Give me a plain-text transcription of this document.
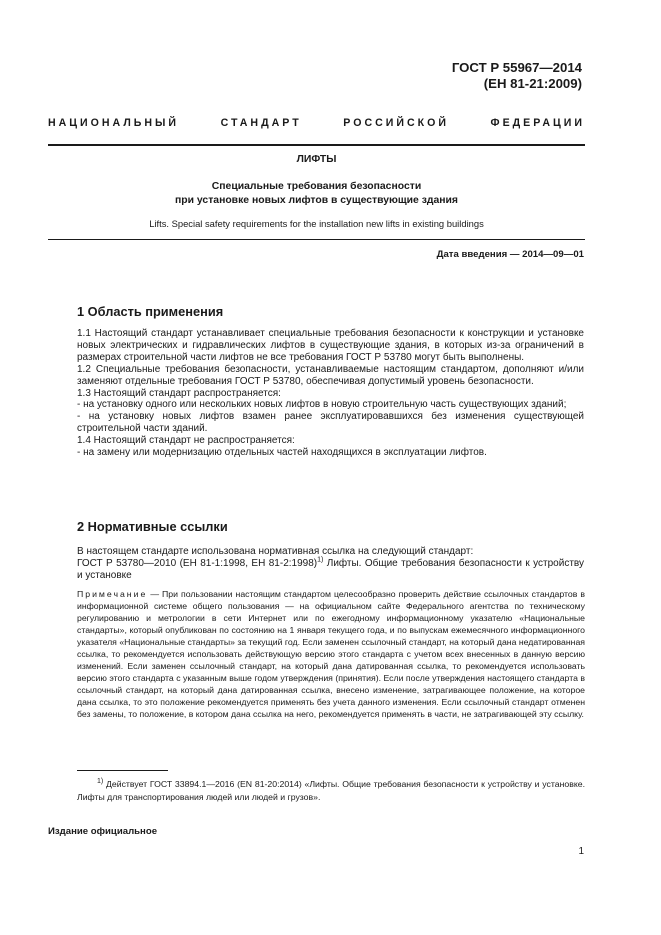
ГОСТ Р 55967—2014
(ЕН 81-21:2009)
НАЦИОНАЛЬНЫЙ СТАНДАРТ РОССИЙСКОЙ ФЕДЕРАЦИИ
ЛИФТЫ
Специальные требования безопасности
при установке новых лифтов в существующие здания
Lifts. Special safety requirements for the installation new lifts in existing buildings
Дата введения — 2014—09—01
1 Область применения

1.1 Настоящий стандарт устанавливает специальные требования безопасности к конструкции и установке новых электрических и гидравлических лифтов в существующие здания, в которых из-за ограничений в размерах строительной части лифтов не все требования ГОСТ Р 53780 могут быть выполнены.

1.2 Специальные требования безопасности, устанавливаемые настоящим стандартом, дополняют и/или заменяют отдельные требования ГОСТ Р 53780, обеспечивая допустимый уровень безопасности.

1.3 Настоящий стандарт распространяется:

- на установку одного или нескольких новых лифтов в новую строительную часть существующих зданий;

- на установку новых лифтов взамен ранее эксплуатировавшихся без изменения существующей строительной части зданий.

1.4 Настоящий стандарт не распространяется:

- на замену или модернизацию отдельных частей находящихся в эксплуатации лифтов.

2 Нормативные ссылки

В настоящем стандарте использована нормативная ссылка на следующий стандарт:

ГОСТ Р 53780—2010 (ЕН 81-1:1998, ЕН 81-2:1998)$^{1)}$ Лифты. Общие требования безопасности к устройству и установке

Примечание — При пользовании настоящим стандартом целесообразно проверить действие ссылочных стандартов в информационной системе общего пользования — на официальном сайте Федерального агентства по техническому регулированию и метрологии в сети Интернет или по ежегодному информационному указателю «Национальные стандарты», который опубликован по состоянию на 1 января текущего года, и по выпускам ежемесячного информационного указателя «Национальные стандарты» за текущий год. Если заменен ссылочный стандарт, на который дана недатированная ссылка, то рекомендуется использовать действующую версию этого стандарта с учетом всех внесенных в данную версию изменений. Если заменен ссылочный стандарт, на который дана датированная ссылка, то рекомендуется использовать версию этого стандарта с указанным выше годом утверждения (принятия). Если после утверждения настоящего стандарта в ссылочный стандарт, на который дана датированная ссылка, внесено изменение, затрагивающее положение, на которое дана ссылка, то это положение рекомендуется применять без учета данного изменения. Если ссылочный стандарт отменен без замены, то положение, в котором дана ссылка на него, рекомендуется применять в части, не затрагивающей эту ссылку.
$^{1)}$ Действует ГОСТ 33894.1—2016 (EN 81-20:2014) «Лифты. Общие требования безопасности к устройству и установке. Лифты для транспортирования людей или людей и грузов».
Издание официальное
1
